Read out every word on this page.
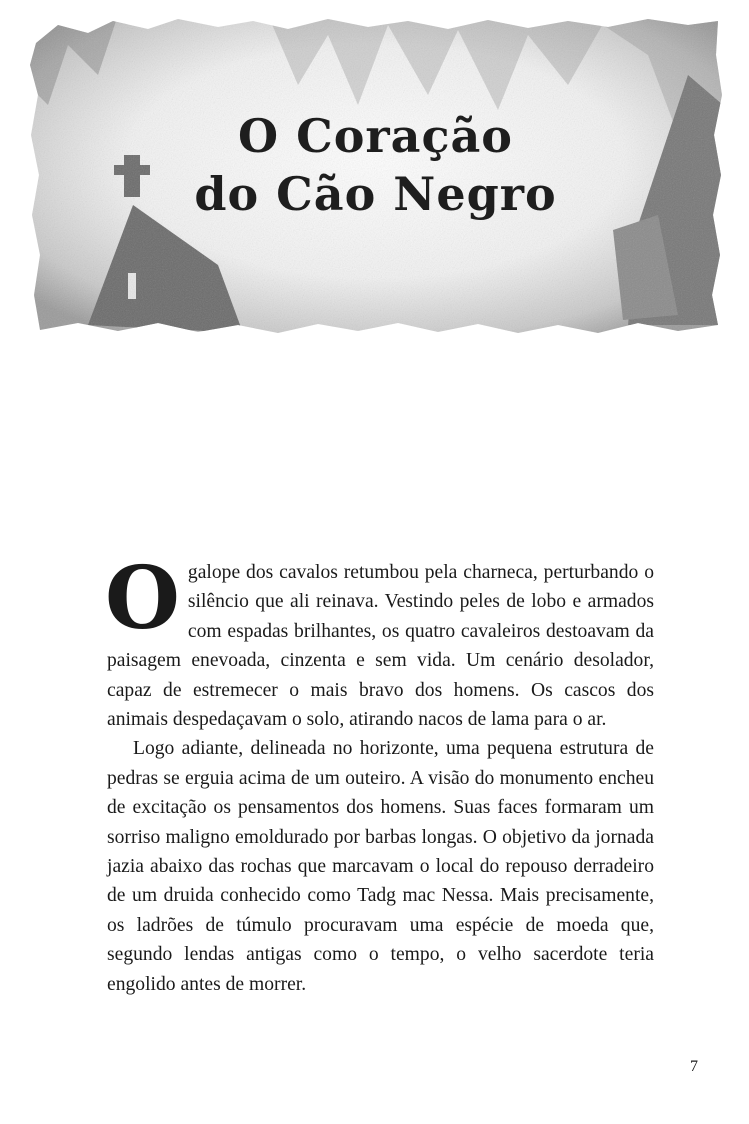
O Coração
do Cão Negro

Ogalope dos cavalos retumbou pela charneca, perturbando o silêncio que ali reinava. Vestindo peles de lobo e armados com espadas brilhantes, os quatro cavaleiros destoavam da paisagem enevoada, cinzenta e sem vida. Um cenário desolador, capaz de estremecer o mais bravo dos homens. Os cascos dos animais despedaçavam o solo, atirando nacos de lama para o ar.

Logo adiante, delineada no horizonte, uma pequena estrutura de pedras se erguia acima de um outeiro. A visão do monumento encheu de excitação os pensamentos dos homens. Suas faces formaram um sorriso maligno emoldurado por barbas longas. O objetivo da jornada jazia abaixo das rochas que marcavam o local do repouso derradeiro de um druida conhecido como Tadg mac Nessa. Mais precisamente, os ladrões de túmulo procuravam uma espécie de moeda que, segundo lendas antigas como o tempo, o velho sacerdote teria engolido antes de morrer.

7
